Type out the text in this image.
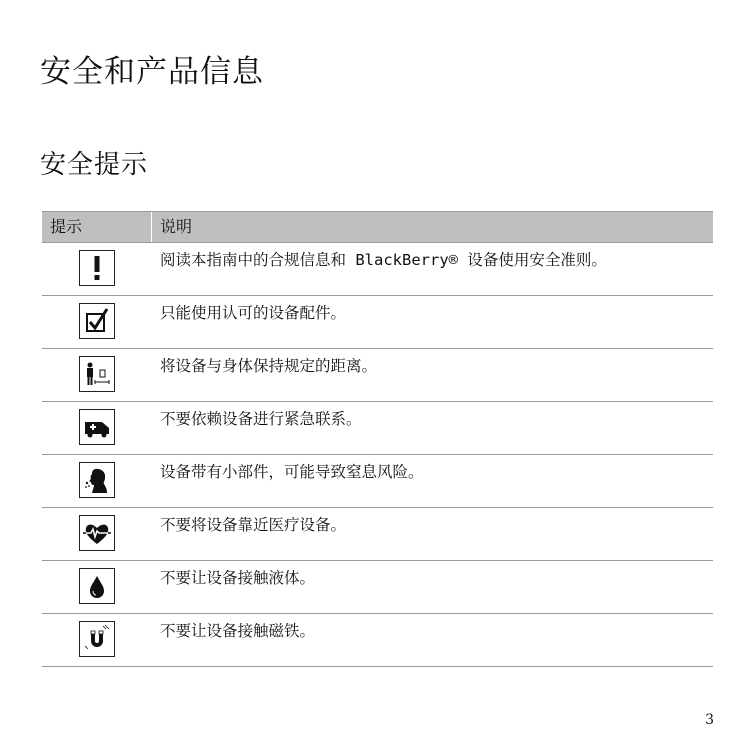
安全和产品信息
安全提示
提示	说明
阅读本指南中的合规信息和 BlackBerry® 设备使用安全准则。
只能使用认可的设备配件。
将设备与身体保持规定的距离。
不要依赖设备进行紧急联系。
设备带有小部件，可能导致窒息风险。
不要将设备靠近医疗设备。
不要让设备接触液体。
不要让设备接触磁铁。
3
